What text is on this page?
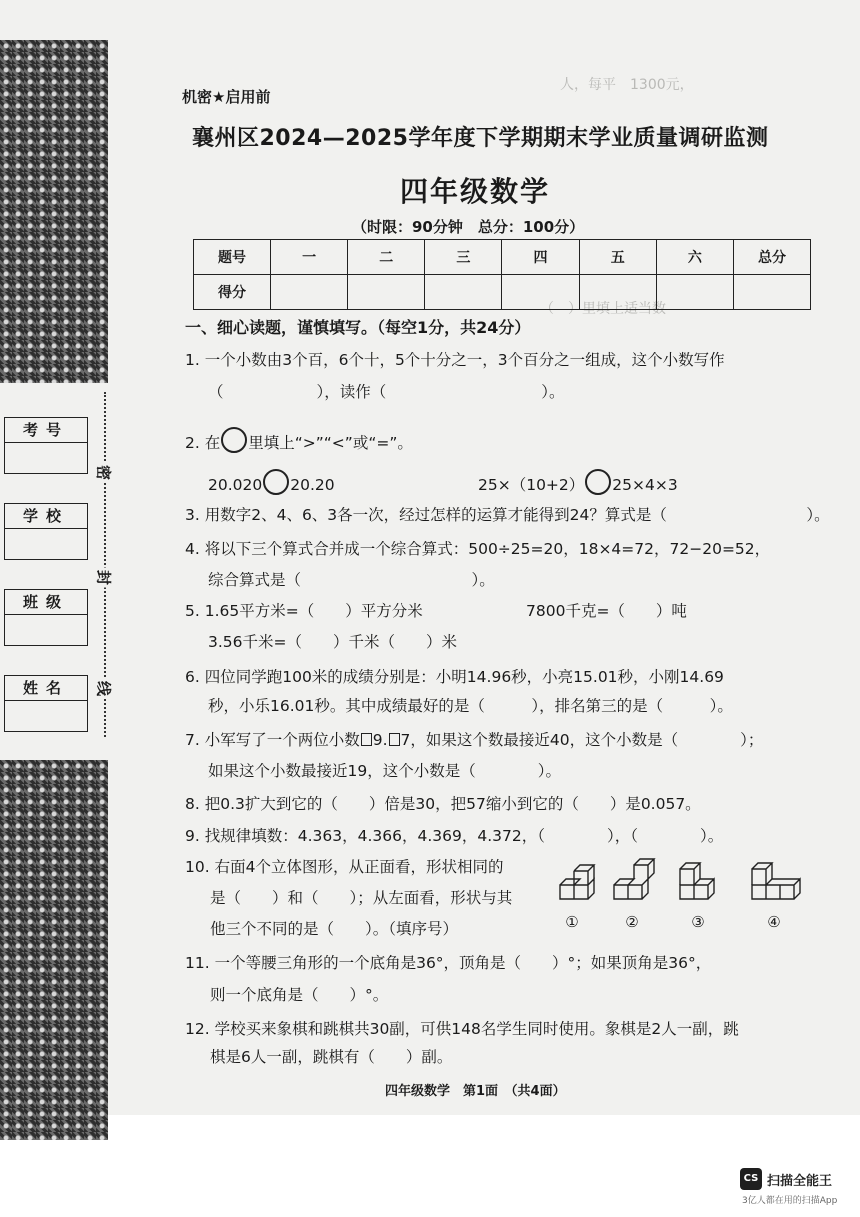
人，每平　1300元，
（　）里填上适当数
考号
学校
班级
姓名
密
封
线
机密★启用前
襄州区2024—2025学年度下学期期末学业质量调研监测
四年级数学
（时限：90分钟　总分：100分）
题号	一	二	三	四	五	六	总分
得分							
一、细心读题，谨慎填写。（每空1分，共24分）
1. 一个小数由3个百，6个十，5个十分之一，3个百分之一组成，这个小数写作
（　　　　　　），读作（　　　　　　　　　　）。
2. 在 里填上“>”“<”或“=”。
20.020 20.20	25×（10+2） 25×4×3
3. 用数字2、4、6、3各一次，经过怎样的运算才能得到24？算式是（　　　　　　　　　）。
4. 将以下三个算式合并成一个综合算式：500÷25=20，18×4=72，72−20=52，
综合算式是（　　　　　　　　　　　）。
5. 1.65平方米=（　　）平方分米	7800千克=（　　）吨
3.56千米=（　　）千米（　　）米
6. 四位同学跑100米的成绩分别是：小明14.96秒，小亮15.01秒，小刚14.69
秒，小乐16.01秒。其中成绩最好的是（　　　），排名第三的是（　　　）。
7. 小军写了一个两位小数 9. 7，如果这个数最接近40，这个小数是（　　　　）；
如果这个小数最接近19，这个小数是（　　　　）。
8. 把0.3扩大到它的（　　）倍是30，把57缩小到它的（　　）是0.057。
9. 找规律填数：4.363，4.366，4.369，4.372，（　　　　），（　　　　）。
10. 右面4个立体图形，从正面看，形状相同的
是（　　）和（　　）；从左面看，形状与其
他三个不同的是（　　）。（填序号）	①	②	③	④
11. 一个等腰三角形的一个底角是36°，顶角是（　　）°；如果顶角是36°，
则一个底角是（　　）°。
12. 学校买来象棋和跳棋共30副，可供148名学生同时使用。象棋是2人一副，跳
棋是6人一副，跳棋有（　　）副。
四年级数学　第1面　（共4面）
CS 扫描全能王
3亿人都在用的扫描App
